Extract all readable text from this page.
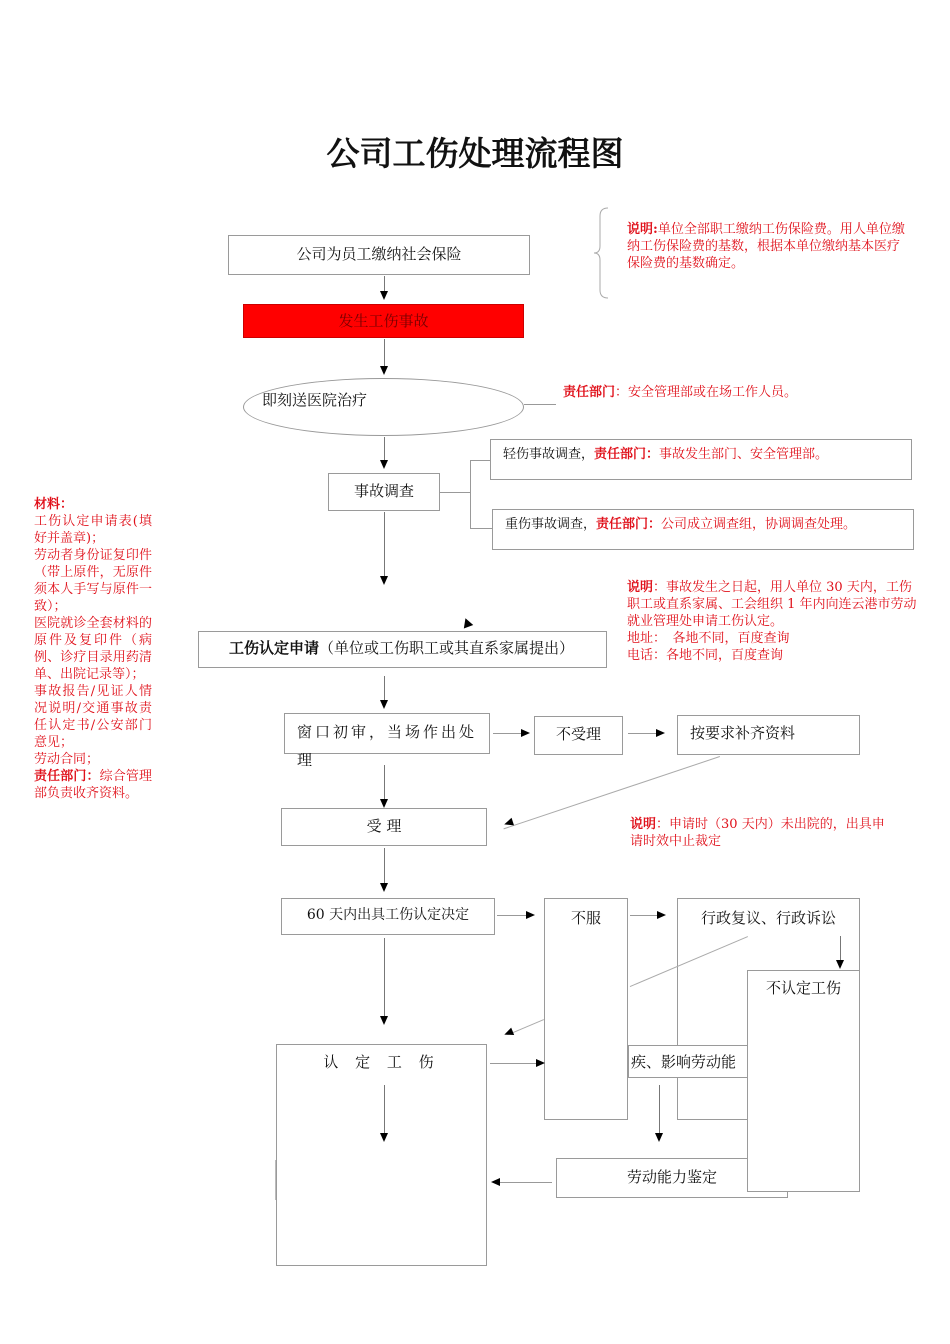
公司工伤处理流程图
说明:单位全部职工缴纳工伤保险费。用人单位缴纳工伤保险费的基数，根据本单位缴纳基本医疗保险费的基数确定。
公司为员工缴纳社会保险
发生工伤事故
即刻送医院治疗	责任部门：安全管理部或在场工作人员。
事故调查
轻伤事故调查，责任部门：事故发生部门、安全管理部。
重伤事故调查，责任部门：公司成立调查组，协调调查处理。
材料：
工伤认定申请表(填好并盖章)；
劳动者身份证复印件（带上原件，无原件须本人手写与原件一致）；
医院就诊全套材料的原件及复印件（病例、诊疗目录用药清单、出院记录等）；
事故报告/见证人情况说明/交通事故责任认定书/公安部门意见；
劳动合同；
责任部门：综合管理部负责收齐资料。
说明：事故发生之日起，用人单位 30 天内，工伤职工或直系家属、工会组织 1 年内向连云港市劳动就业管理处申请工伤认定。
地址：　各地不同，百度查询
电话：各地不同，百度查询
工伤认定申请（单位或工伤职工或其直系家属提出）
窗口初审，当场作出处理
不受理	按要求补齐资料
受 理	说明：申请时（30 天内）未出院的，出具申请时效中止裁定
60 天内出具工伤认定决定	不服	行政复议、行政诉讼
认 定 工 伤	疾、影响劳动能
劳动能力鉴定
不认定工伤
